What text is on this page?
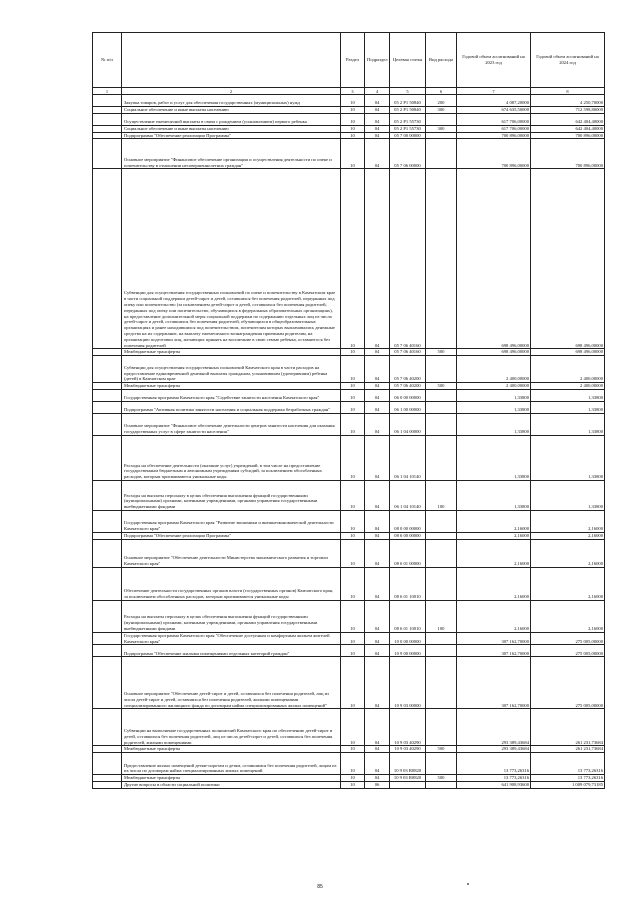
№ п/п		Раздел	Подраздел	Целевая статья	Вид расхода	Годовой объем ассигнований на 2023 год	Годовой объем ассигнований на 2024 год
1	2	3	4	5	6	7	8
	Закупка товаров, работ и услуг для обеспечения государственных (муниципальных) нужд	10	04	05 2 Р1 50840	200	4 087,20000	4 250,70000
	Социальное обеспечение и иные выплаты населению	10	04	05 2 Р1 50840	300	674 635,50000	712 598,80000
	Осуществление ежемесячной выплаты в связи с рождением (усыновлением) первого ребенка	10	04	05 2 Р1 55730		617 706,00000	642 404,40000
	Социальное обеспечение и иные выплаты населению	10	04	05 2 Р1 55730	300	617 706,00000	642 404,40000
	Подпрограмма "Обеспечение реализации Программы"	10	04	05 7 00 00000		700 896,00000	700 896,00000
	Основное мероприятие "Финансовое обеспечение организации и осуществления деятельности по опеке и попечительству в отношении несовершеннолетних граждан"	10	04	05 7 06 00000		700 896,00000	700 896,00000
	Субвенции для осуществления государственных полномочий по опеке и попечительству в Камчатском крае в части социальной поддержки детей-сирот и детей, оставшихся без попечения родителей, переданных под опеку или попечительство (за исключением детей-сирот и детей, оставшихся без попечения родителей, переданных под опеку или попечительство, обучающихся в федеральных образовательных организациях), на предоставление дополнительной меры социальной поддержки по содержанию отдельных лиц из числа детей-сирот и детей, оставшихся без попечения родителей, обучающихся в общеобразовательных организациях и ранее находившихся под попечительством, попечителям которых выплачивались денежные средства на их содержание, на выплату ежемесячного вознаграждения приемным родителям, на организацию подготовки лиц, желающих принять на воспитание в свою семью ребенка, оставшегося без попечения родителей	10	04	05 7 06 40160		698 496,00000	698 496,00000
	Межбюджетные трансферты	10	04	05 7 06 40160	500	698 496,00000	698 496,00000
	Субвенции для осуществления государственных полномочий Камчатского края в части расходов на предоставление единовременной денежной выплаты гражданам, усыновившим (удочерившим) ребенка (детей) в Камчатском крае	10	04	05 7 06 40200		2 400,00000	2 400,00000
	Межбюджетные трансферты	10	04	05 7 06 40200	500	2 400,00000	2 400,00000
	Государственная программа Камчатского края "Содействие занятости населения Камчатского края"	10	04	06 0 00 00000		1,33800	1,33800
	Подпрограмма "Активная политика занятости населения и социальная поддержка безработных граждан"	10	04	06 1 00 00000		1,33800	1,33800
	Основное мероприятие "Финансовое обеспечение деятельности центров занятости населения для оказания государственных услуг в сфере занятости населения"	10	04	06 1 04 00000		1,33800	1,33800
	Расходы на обеспечение деятельности (оказание услуг) учреждений, в том числе на предоставление государственным бюджетным и автономным учреждениям субсидий, за исключением обособленных расходов, которым присваиваются уникальные коды	10	04	06 1 04 10140		1,33800	1,33800
	Расходы на выплаты персоналу в целях обеспечения выполнения функций государственными (муниципальными) органами, казенными учреждениями, органами управления государственными внебюджетными фондами	10	04	06 1 04 10140	100	1,33800	1,33800
	Государственная программа Камчатского края "Развитие экономики и внешнеэкономической деятельности Камчатского края"	10	04	08 0 00 00000		2,16000	2,16000
	Подпрограмма "Обеспечение реализации Программы"	10	04	08 6 00 00000		2,16000	2,16000
	Основное мероприятие "Обеспечение деятельности Министерства экономического развития и торговли Камчатского края"	10	04	08 6 01 00000		2,16000	2,16000
	Обеспечение деятельности государственных органов власти (государственных органов) Камчатского края, за исключением обособленных расходов, которым присваиваются уникальные коды	10	04	08 6 01 10010		2,16000	2,16000
	Расходы на выплаты персоналу в целях обеспечения выполнения функций государственными (муниципальными) органами, казенными учреждениями, органами управления государственными внебюджетными фондами	10	04	08 6 01 10010	100	2,16000	2,16000
	Государственная программа Камчатского края "Обеспечение доступным и комфортным жильем жителей Камчатского края"	10	04	10 0 00 00000		307 162,70000	275 005,00000
	Подпрограмма "Обеспечение жилыми помещениями отдельных категорий граждан"	10	04	10 9 00 00000		307 162,70000	275 005,00000
	Основное мероприятие "Обеспечение детей-сирот и детей, оставшихся без попечения родителей, лиц из числа детей-сирот и детей, оставшихся без попечения родителей, жилыми помещениями специализированного жилищного фонда по договорам найма специализированных жилых помещений"	10	04	10 9 03 00000		307 162,70000	275 005,00000
	Субвенции на выполнение государственных полномочий Камчатского края по обеспечению детей-сирот и детей, оставшихся без попечения родителей, лиц из числа детей-сирот и детей, оставшихся без попечения родителей, жилыми помещениями	10	04	10 9 03 40290		293 389,43684	261 231,73684
	Межбюджетные трансферты	10	04	10 9 03 40290	500	293 389,43684	261 231,73684
	Предоставление жилых помещений детям-сиротам и детям, оставшимся без попечения родителей, лицам из их числа по договорам найма специализированных жилых помещений	10	04	10 9 03 R0820		13 773,26316	13 773,26316
	Межбюджетные трансферты	10	04	10 9 03 R0820	500	13 773,26316	13 773,26316
	Другие вопросы в области социальной политики	10	06			641 908,93600	1 009 079,73185
85
